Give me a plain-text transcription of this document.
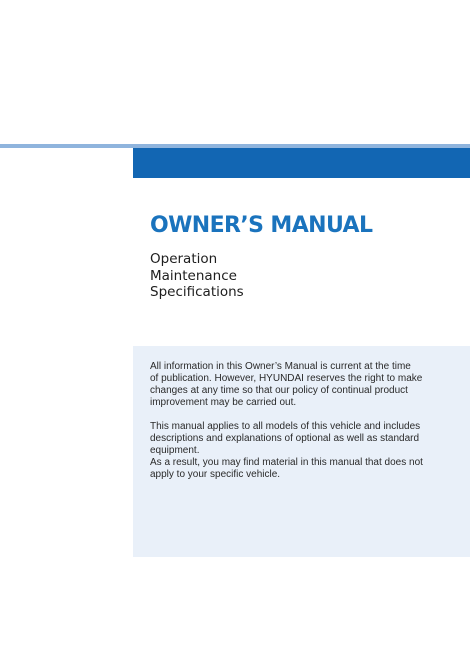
OWNER’S MANUAL
Operation
Maintenance
Specifications

All information in this Owner’s Manual is current at the time
of publication. However, HYUNDAI reserves the right to make
changes at any time so that our policy of continual product
improvement may be carried out.

This manual applies to all models of this vehicle and includes
descriptions and explanations of optional as well as standard
equipment.

As a result, you may find material in this manual that does not
apply to your specific vehicle.
